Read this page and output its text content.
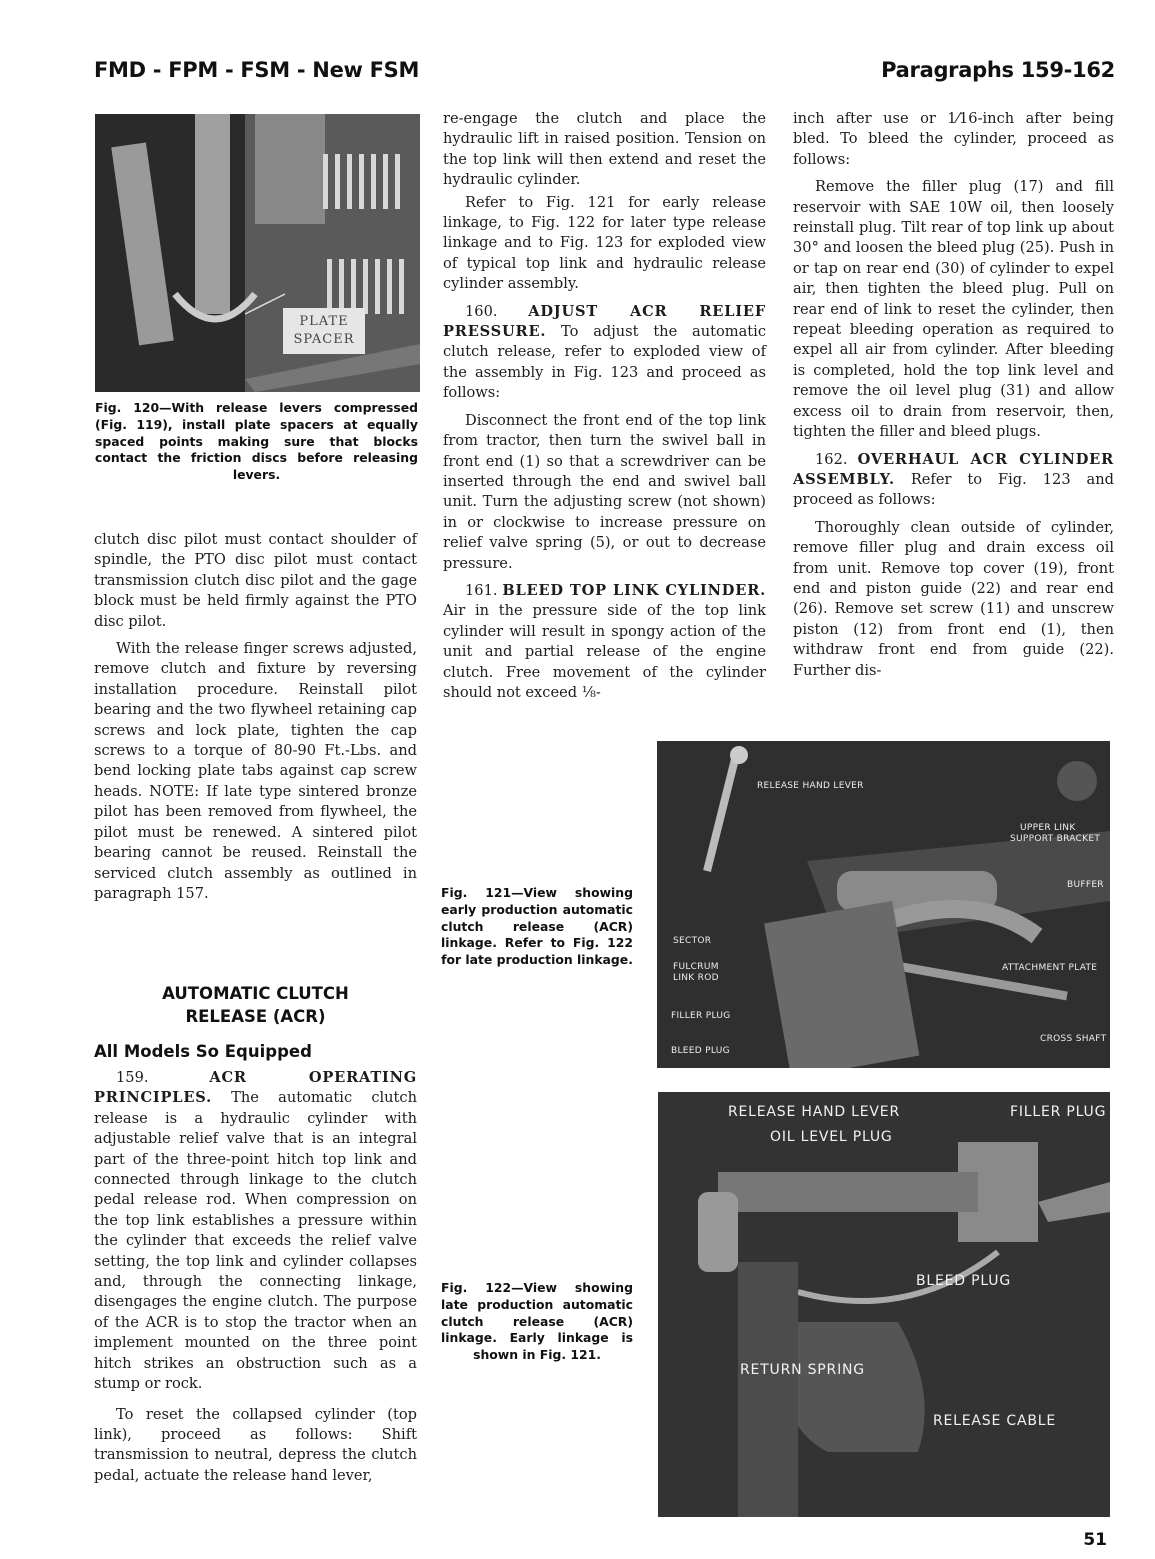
FMD - FPM - FSM - New FSM	Paragraphs 159-162
PLATE
SPACER
Fig. 120—With release levers compressed (Fig. 119), install plate spacers at equally spaced points making sure that blocks contact the friction discs before releasing levers.

clutch disc pilot must contact shoulder of spindle, the PTO disc pilot must contact transmission clutch disc pilot and the gage block must be held firmly against the PTO disc pilot.

With the release finger screws adjusted, remove clutch and fixture by reversing installation procedure. Reinstall pilot bearing and the two flywheel retaining cap screws and lock plate, tighten the cap screws to a torque of 80-90 Ft.-Lbs. and bend locking plate tabs against cap screw heads. NOTE: If late type sintered bronze pilot has been removed from flywheel, the pilot must be renewed. A sintered pilot bearing cannot be reused. Reinstall the serviced clutch assembly as outlined in paragraph 157.

AUTOMATIC CLUTCH
RELEASE (ACR)
All Models So Equipped

159.	ACR OPERATING PRINCIPLES. The automatic clutch release is a hydraulic cylinder with adjustable relief valve that is an integral part of the three-point hitch top link and connected through linkage to the clutch pedal release rod. When compression on the top link establishes a pressure within the cylinder that exceeds the relief valve setting, the top link and cylinder collapses and, through the connecting linkage, disengages the engine clutch. The purpose of the ACR is to stop the tractor when an implement mounted on the three point hitch strikes an obstruction such as a stump or rock.

To reset the collapsed cylinder (top link), proceed as follows: Shift transmission to neutral, depress the clutch pedal, actuate the release hand lever,

re-engage the clutch and place the hydraulic lift in raised position. Tension on the top link will then extend and reset the hydraulic cylinder.

Refer to Fig. 121 for early release linkage, to Fig. 122 for later type release linkage and to Fig. 123 for exploded view of typical top link and hydraulic release cylinder assembly.

160. ADJUST ACR RELIEF PRESSURE. To adjust the automatic clutch release, refer to exploded view of the assembly in Fig. 123 and proceed as follows:

Disconnect the front end of the top link from tractor, then turn the swivel ball in front end (1) so that a screwdriver can be inserted through the end and swivel ball unit. Turn the adjusting screw (not shown) in or clockwise to increase pressure on relief valve spring (5), or out to decrease pressure.

161. BLEED TOP LINK CYLINDER. Air in the pressure side of the top link cylinder will result in spongy action of the unit and partial release of the engine clutch. Free movement of the cylinder should not exceed ⅛-

inch after use or 1⁄16-inch after being bled. To bleed the cylinder, proceed as follows:

Remove the filler plug (17) and fill reservoir with SAE 10W oil, then loosely reinstall plug. Tilt rear of top link up about 30° and loosen the bleed plug (25). Push in or tap on rear end (30) of cylinder to expel air, then tighten the bleed plug. Pull on rear end of link to reset the cylinder, then repeat bleeding operation as required to expel all air from cylinder. After bleeding is completed, hold the top link level and remove the oil level plug (31) and allow excess oil to drain from reservoir, then, tighten the filler and bleed plugs.

162. OVERHAUL ACR CYLINDER ASSEMBLY. Refer to Fig. 123 and proceed as follows:

Thoroughly clean outside of cylinder, remove filler plug and drain excess oil from unit. Remove top cover (19), front end and piston guide (22) and rear end (26). Remove set screw (11) and unscrew piston (12) from front end (1), then withdraw front end from guide (22). Further dis-

Fig. 121—View showing early production automatic clutch release (ACR) linkage. Refer to Fig. 122 for late production linkage.
RELEASE HAND LEVER
UPPER LINK
SUPPORT BRACKET
BUFFER
SECTOR
FULCRUM
LINK ROD
ATTACHMENT PLATE
FILLER PLUG
CROSS SHAFT
BLEED PLUG
Fig. 122—View showing late production automatic clutch release (ACR) linkage. Early linkage is shown in Fig. 121.
RELEASE HAND LEVER	FILLER PLUG
OIL LEVEL PLUG
BLEED PLUG
RETURN SPRING
RELEASE CABLE
51
